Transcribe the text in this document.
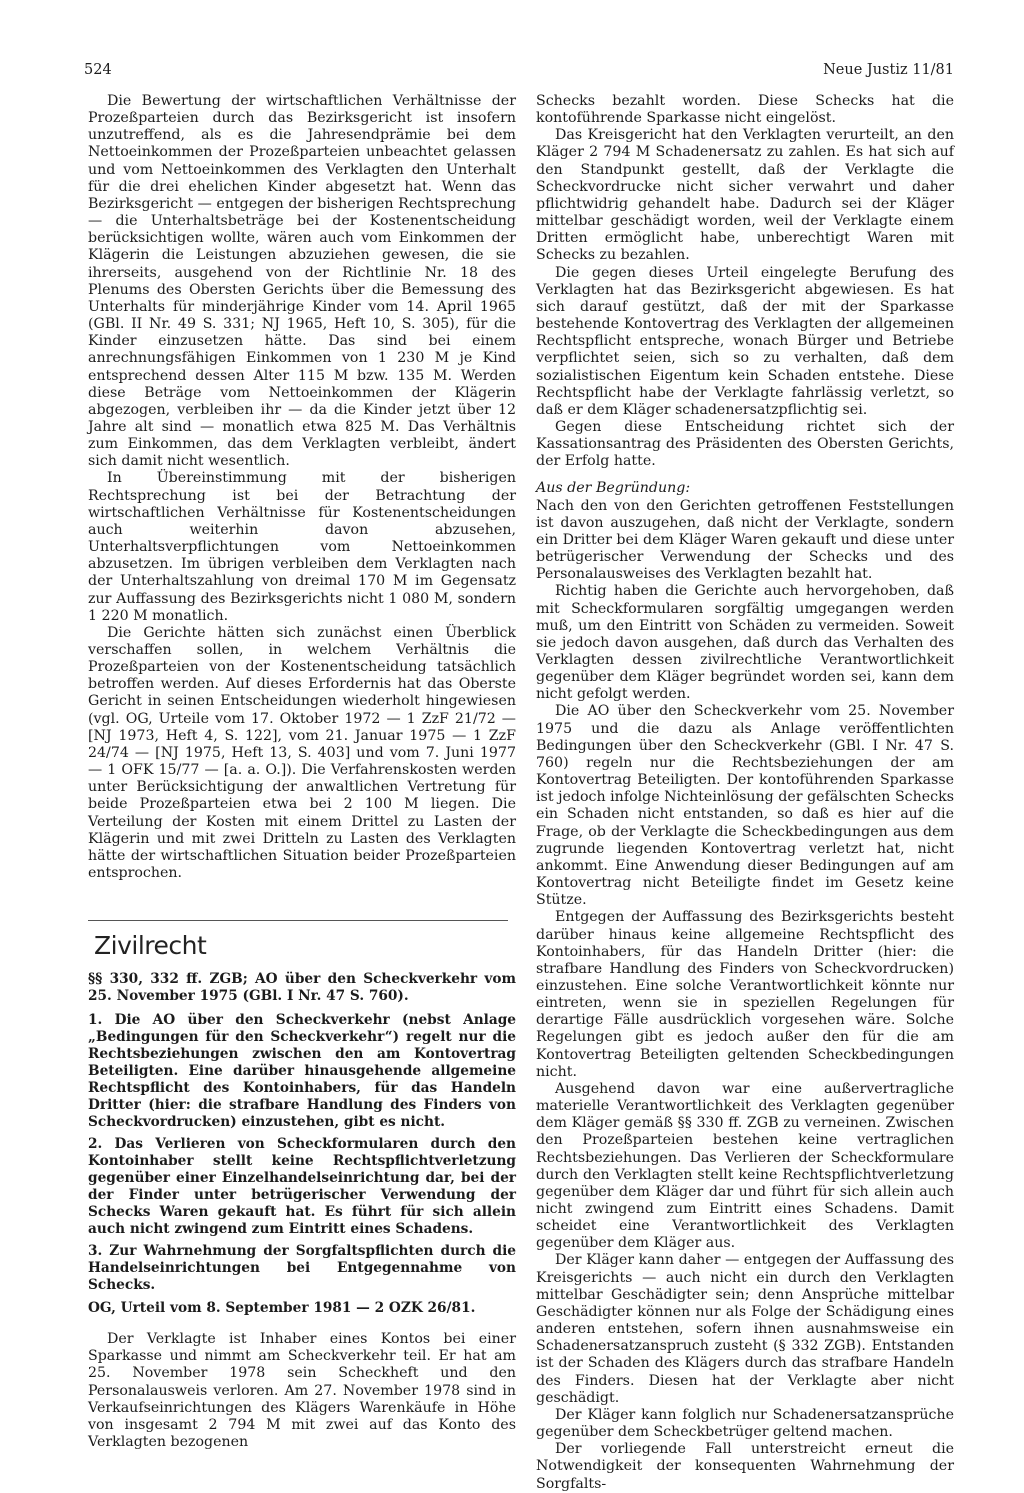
524	Neue Justiz 11/81

Die Bewertung der wirtschaftlichen Verhältnisse der Prozeßparteien durch das Bezirksgericht ist insofern unzutreffend, als es die Jahresendprämie bei dem Nettoeinkommen der Prozeßparteien unbeachtet gelassen und vom Nettoeinkommen des Verklagten den Unterhalt für die drei ehelichen Kinder abgesetzt hat. Wenn das Bezirksgericht — entgegen der bisherigen Rechtsprechung — die Unterhaltsbeträge bei der Kostenentscheidung berücksichtigen wollte, wären auch vom Einkommen der Klägerin die Leistungen abzuziehen gewesen, die sie ihrerseits, ausgehend von der Richtlinie Nr. 18 des Plenums des Obersten Gerichts über die Bemessung des Unterhalts für minderjährige Kinder vom 14. April 1965 (GBl. II Nr. 49 S. 331; NJ 1965, Heft 10, S. 305), für die Kinder einzusetzen hätte. Das sind bei einem anrechnungsfähigen Einkommen von 1 230 M je Kind entsprechend dessen Alter 115 M bzw. 135 M. Werden diese Beträge vom Nettoeinkommen der Klägerin abgezogen, verbleiben ihr — da die Kinder jetzt über 12 Jahre alt sind — monatlich etwa 825 M. Das Verhältnis zum Einkommen, das dem Verklagten verbleibt, ändert sich damit nicht wesentlich.

In Übereinstimmung mit der bisherigen Rechtsprechung ist bei der Betrachtung der wirtschaftlichen Verhältnisse für Kostenentscheidungen auch weiterhin davon abzusehen, Unterhaltsverpflichtungen vom Nettoeinkommen abzusetzen. Im übrigen verbleiben dem Verklagten nach der Unterhaltszahlung von dreimal 170 M im Gegensatz zur Auffassung des Bezirksgerichts nicht 1 080 M, sondern 1 220 M monatlich.

Die Gerichte hätten sich zunächst einen Überblick verschaffen sollen, in welchem Verhältnis die Prozeßparteien von der Kostenentscheidung tatsächlich betroffen werden. Auf dieses Erfordernis hat das Oberste Gericht in seinen Entscheidungen wiederholt hingewiesen (vgl. OG, Urteile vom 17. Oktober 1972 — 1 ZzF 21/72 — [NJ 1973, Heft 4, S. 122], vom 21. Januar 1975 — 1 ZzF 24/74 — [NJ 1975, Heft 13, S. 403] und vom 7. Juni 1977 — 1 OFK 15/77 — [a. a. O.]). Die Verfahrenskosten werden unter Berücksichtigung der anwaltlichen Vertretung für beide Prozeßparteien etwa bei 2 100 M liegen. Die Verteilung der Kosten mit einem Drittel zu Lasten der Klägerin und mit zwei Dritteln zu Lasten des Verklagten hätte der wirtschaftlichen Situation beider Prozeßparteien entsprochen.

Zivilrecht

§§ 330, 332 ff. ZGB; AO über den Scheckverkehr vom 25. November 1975 (GBl. I Nr. 47 S. 760).

1. Die AO über den Scheckverkehr (nebst Anlage „Bedingungen für den Scheckverkehr“) regelt nur die Rechtsbeziehungen zwischen den am Kontovertrag Beteiligten. Eine darüber hinausgehende allgemeine Rechtspflicht des Kontoinhabers, für das Handeln Dritter (hier: die strafbare Handlung des Finders von Scheckvordrucken) einzustehen, gibt es nicht.

2. Das Verlieren von Scheckformularen durch den Kontoinhaber stellt keine Rechtspflichtverletzung gegenüber einer Einzelhandelseinrichtung dar, bei der der Finder unter betrügerischer Verwendung der Schecks Waren gekauft hat. Es führt für sich allein auch nicht zwingend zum Eintritt eines Schadens.

3. Zur Wahrnehmung der Sorgfaltspflichten durch die Handelseinrichtungen bei Entgegennahme von Schecks.

OG, Urteil vom 8. September 1981 — 2 OZK 26/81.

Der Verklagte ist Inhaber eines Kontos bei einer Sparkasse und nimmt am Scheckverkehr teil. Er hat am 25. November 1978 sein Scheckheft und den Personalausweis verloren. Am 27. November 1978 sind in Verkaufseinrichtungen des Klägers Warenkäufe in Höhe von insgesamt 2 794 M mit zwei auf das Konto des Verklagten bezogenen

Schecks bezahlt worden. Diese Schecks hat die kontoführende Sparkasse nicht eingelöst.

Das Kreisgericht hat den Verklagten verurteilt, an den Kläger 2 794 M Schadenersatz zu zahlen. Es hat sich auf den Standpunkt gestellt, daß der Verklagte die Scheckvordrucke nicht sicher verwahrt und daher pflichtwidrig gehandelt habe. Dadurch sei der Kläger mittelbar geschädigt worden, weil der Verklagte einem Dritten ermöglicht habe, unberechtigt Waren mit Schecks zu bezahlen.

Die gegen dieses Urteil eingelegte Berufung des Verklagten hat das Bezirksgericht abgewiesen. Es hat sich darauf gestützt, daß der mit der Sparkasse bestehende Kontovertrag des Verklagten der allgemeinen Rechtspflicht entspreche, wonach Bürger und Betriebe verpflichtet seien, sich so zu verhalten, daß dem sozialistischen Eigentum kein Schaden entstehe. Diese Rechtspflicht habe der Verklagte fahrlässig verletzt, so daß er dem Kläger schadenersatzpflichtig sei.

Gegen diese Entscheidung richtet sich der Kassationsantrag des Präsidenten des Obersten Gerichts, der Erfolg hatte.

Aus der Begründung:

Nach den von den Gerichten getroffenen Feststellungen ist davon auszugehen, daß nicht der Verklagte, sondern ein Dritter bei dem Kläger Waren gekauft und diese unter betrügerischer Verwendung der Schecks und des Personalausweises des Verklagten bezahlt hat.

Richtig haben die Gerichte auch hervorgehoben, daß mit Scheckformularen sorgfältig umgegangen werden muß, um den Eintritt von Schäden zu vermeiden. Soweit sie jedoch davon ausgehen, daß durch das Verhalten des Verklagten dessen zivilrechtliche Verantwortlichkeit gegenüber dem Kläger begründet worden sei, kann dem nicht gefolgt werden.

Die AO über den Scheckverkehr vom 25. November 1975 und die dazu als Anlage veröffentlichten Bedingungen über den Scheckverkehr (GBl. I Nr. 47 S. 760) regeln nur die Rechtsbeziehungen der am Kontovertrag Beteiligten. Der kontoführenden Sparkasse ist jedoch infolge Nichteinlösung der gefälschten Schecks ein Schaden nicht entstanden, so daß es hier auf die Frage, ob der Verklagte die Scheckbedingungen aus dem zugrunde liegenden Kontovertrag verletzt hat, nicht ankommt. Eine Anwendung dieser Bedingungen auf am Kontovertrag nicht Beteiligte findet im Gesetz keine Stütze.

Entgegen der Auffassung des Bezirksgerichts besteht darüber hinaus keine allgemeine Rechtspflicht des Kontoinhabers, für das Handeln Dritter (hier: die strafbare Handlung des Finders von Scheckvordrucken) einzustehen. Eine solche Verantwortlichkeit könnte nur eintreten, wenn sie in speziellen Regelungen für derartige Fälle ausdrücklich vorgesehen wäre. Solche Regelungen gibt es jedoch außer den für die am Kontovertrag Beteiligten geltenden Scheckbedingungen nicht.

Ausgehend davon war eine außervertragliche materielle Verantwortlichkeit des Verklagten gegenüber dem Kläger gemäß §§ 330 ff. ZGB zu verneinen. Zwischen den Prozeßparteien bestehen keine vertraglichen Rechtsbeziehungen. Das Verlieren der Scheckformulare durch den Verklagten stellt keine Rechtspflichtverletzung gegenüber dem Kläger dar und führt für sich allein auch nicht zwingend zum Eintritt eines Schadens. Damit scheidet eine Verantwortlichkeit des Verklagten gegenüber dem Kläger aus.

Der Kläger kann daher — entgegen der Auffassung des Kreisgerichts — auch nicht ein durch den Verklagten mittelbar Geschädigter sein; denn Ansprüche mittelbar Geschädigter können nur als Folge der Schädigung eines anderen entstehen, sofern ihnen ausnahmsweise ein Schadenersatzanspruch zusteht (§ 332 ZGB). Entstanden ist der Schaden des Klägers durch das strafbare Handeln des Finders. Diesen hat der Verklagte aber nicht geschädigt.

Der Kläger kann folglich nur Schadenersatzansprüche gegenüber dem Scheckbetrüger geltend machen.

Der vorliegende Fall unterstreicht erneut die Notwendigkeit der konsequenten Wahrnehmung der Sorgfalts-
